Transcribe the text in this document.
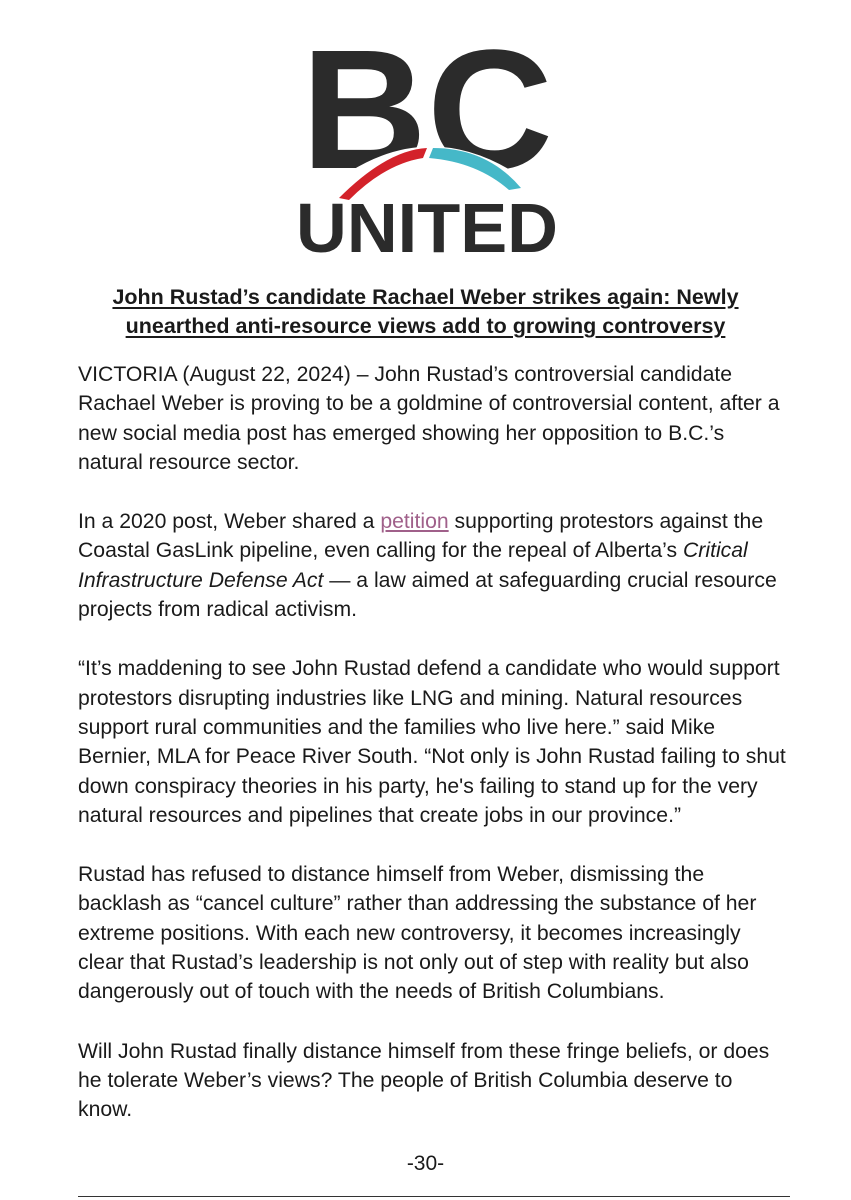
BC
UNITED
John Rustad’s candidate Rachael Weber strikes again: Newly
unearthed anti-resource views add to growing controversy

VICTORIA (August 22, 2024) – John Rustad’s controversial candidate Rachael Weber is proving to be a goldmine of controversial content, after a new social media post has emerged showing her opposition to B.C.’s natural resource sector.

In a 2020 post, Weber shared a petition supporting protestors against the Coastal GasLink pipeline, even calling for the repeal of Alberta’s Critical Infrastructure Defense Act — a law aimed at safeguarding crucial resource projects from radical activism.

“It’s maddening to see John Rustad defend a candidate who would support protestors disrupting industries like LNG and mining. Natural resources support rural communities and the families who live here.” said Mike Bernier, MLA for Peace River South. “Not only is John Rustad failing to shut down conspiracy theories in his party, he's failing to stand up for the very natural resources and pipelines that create jobs in our province.”

Rustad has refused to distance himself from Weber, dismissing the backlash as “cancel culture” rather than addressing the substance of her extreme positions. With each new controversy, it becomes increasingly clear that Rustad’s leadership is not only out of step with reality but also dangerously out of touch with the needs of British Columbians.

Will John Rustad finally distance himself from these fringe beliefs, or does he tolerate Weber’s views? The people of British Columbia deserve to know.

-30-
